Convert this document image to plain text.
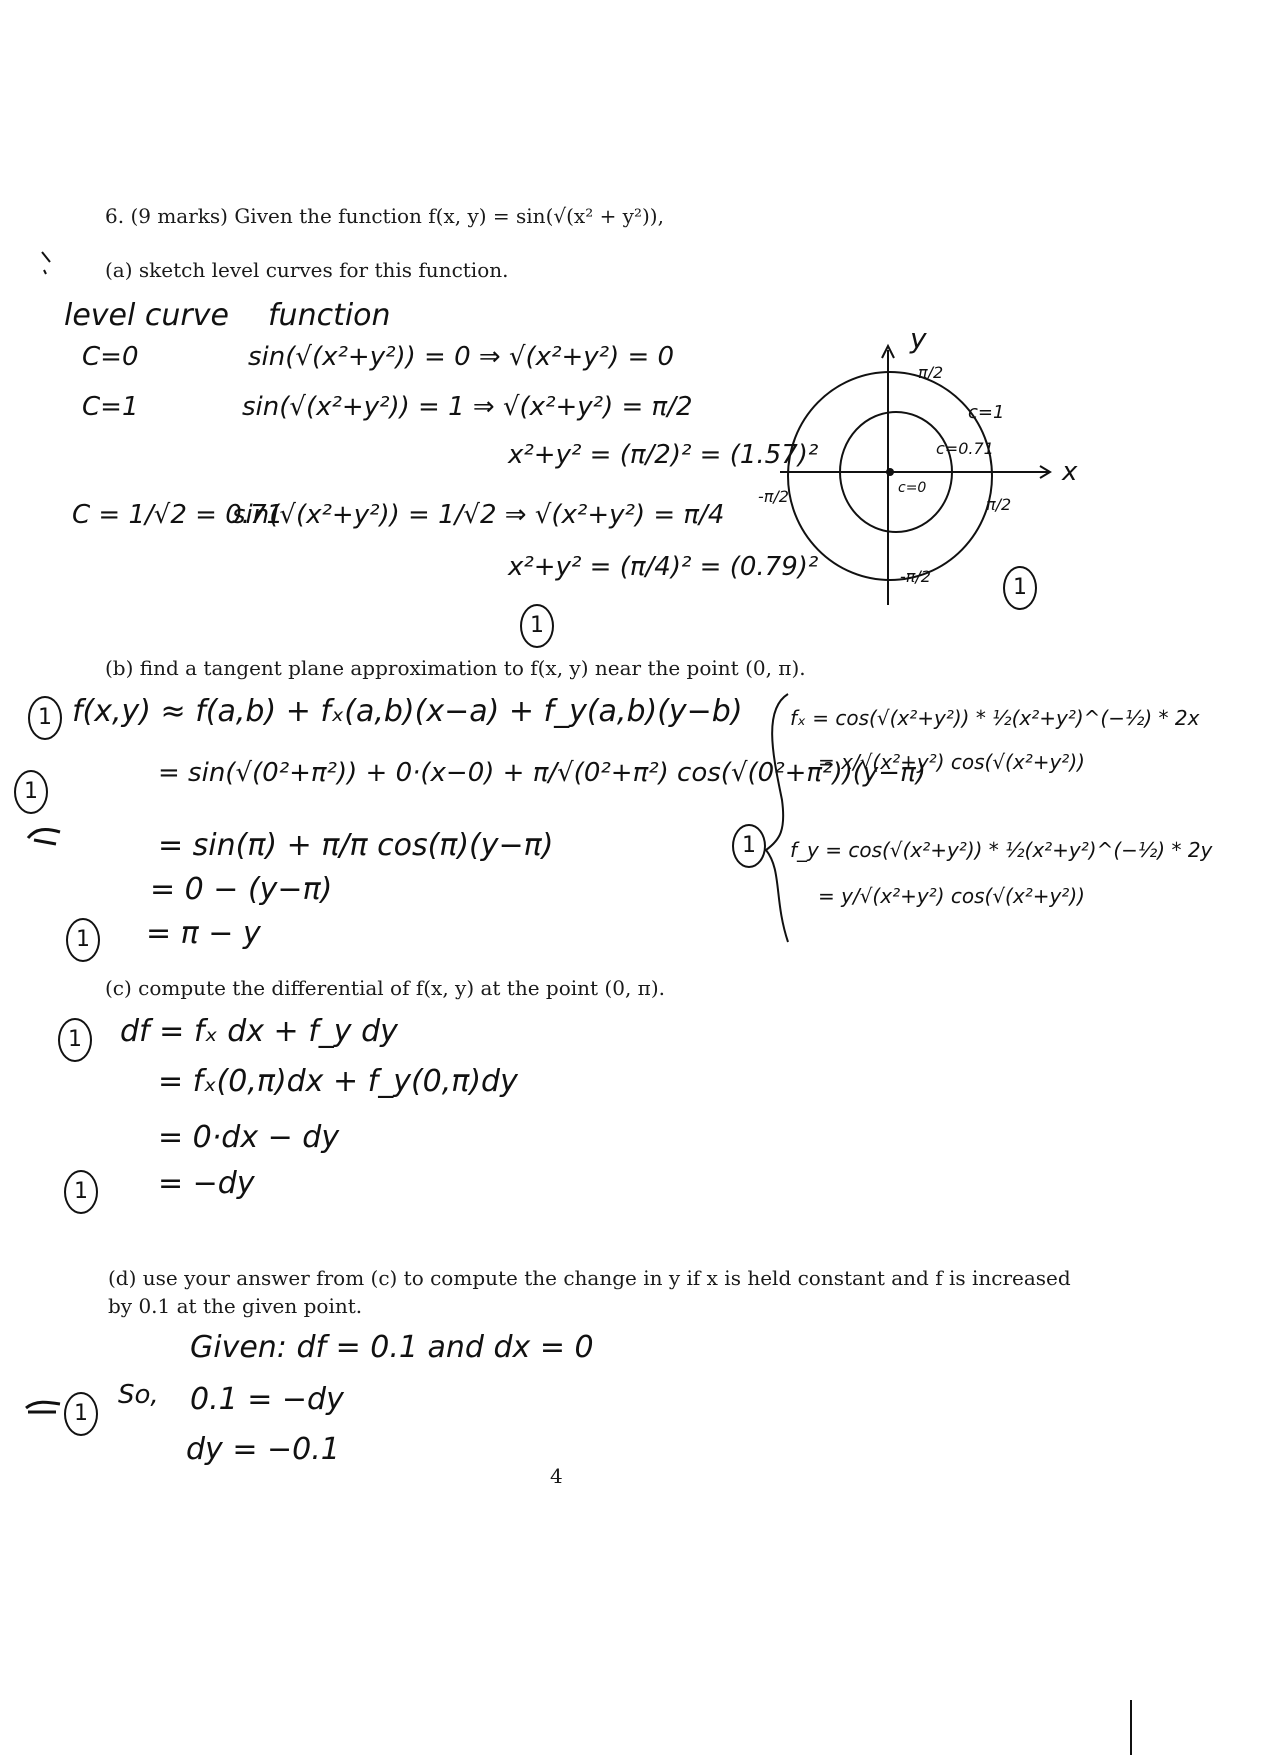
6. (9 marks) Given the function f(x, y) = sin(√(x² + y²)),
(a) sketch level curves for this function.
level curve function
C=0	sin(√(x²+y²)) = 0 ⇒ √(x²+y²) = 0
C=1	sin(√(x²+y²)) = 1 ⇒ √(x²+y²) = π/2
x²+y² = (π/2)² = (1.57)²
C = 1/√2 = 0.71
sin(√(x²+y²)) = 1/√2 ⇒ √(x²+y²) = π/4
x²+y² = (π/4)² = (0.79)²
1
1
y
x
π/2
-π/2
-π/2	π/2
c=1
c=0.71
c=0
(b) find a tangent plane approximation to f(x, y) near the point (0, π).
1 f(x,y) ≈ f(a,b) + fₓ(a,b)(x−a) + f_y(a,b)(y−b)
1
= sin(√(0²+π²)) + 0·(x−0) + π/√(0²+π²) cos(√(0²+π²))(y−π)
= sin(π) + π/π cos(π)(y−π)
= 0 − (y−π)
1	= π − y
fₓ = cos(√(x²+y²)) * ½(x²+y²)^(−½) * 2x
= x/√(x²+y²) cos(√(x²+y²))
1	f_y = cos(√(x²+y²)) * ½(x²+y²)^(−½) * 2y
= y/√(x²+y²) cos(√(x²+y²))
(c) compute the differential of f(x, y) at the point (0, π).
1	df = fₓ dx + f_y dy
= fₓ(0,π)dx + f_y(0,π)dy
= 0·dx − dy
1	= −dy
(d) use your answer from (c) to compute the change in y if x is held constant and f is increased
by 0.1 at the given point.
Given: df = 0.1 and dx = 0
1
So, 0.1 = −dy
dy = −0.1
4
